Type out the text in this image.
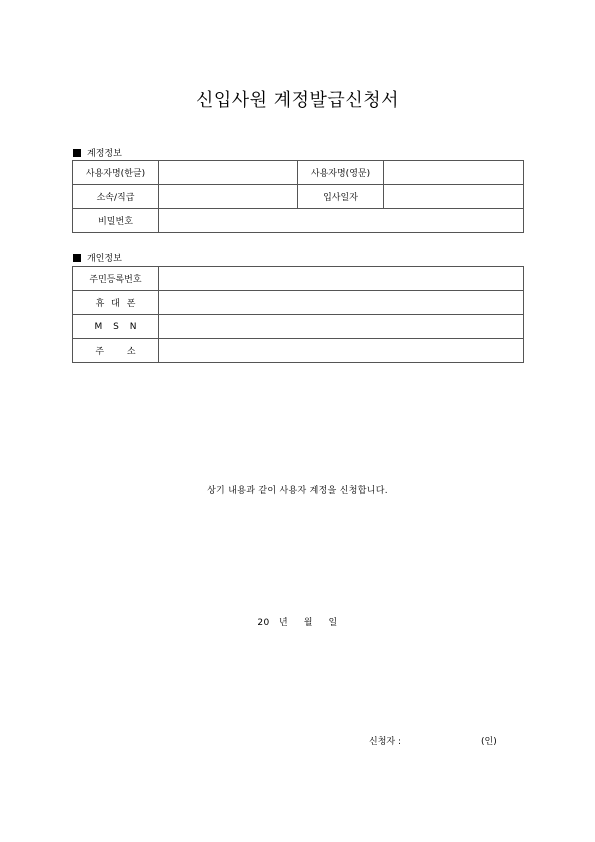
신입사원 계정발급신청서
계정정보
사용자명(한글)		사용자명(영문)	
소속/직급		입사일자	
비밀번호			
개인정보
주민등록번호	
휴 대 폰	
M S N	
주 소	
상기 내용과 같이 사용자 계정을 신청합니다.
20   년     월     일
신청자 :	(인)
